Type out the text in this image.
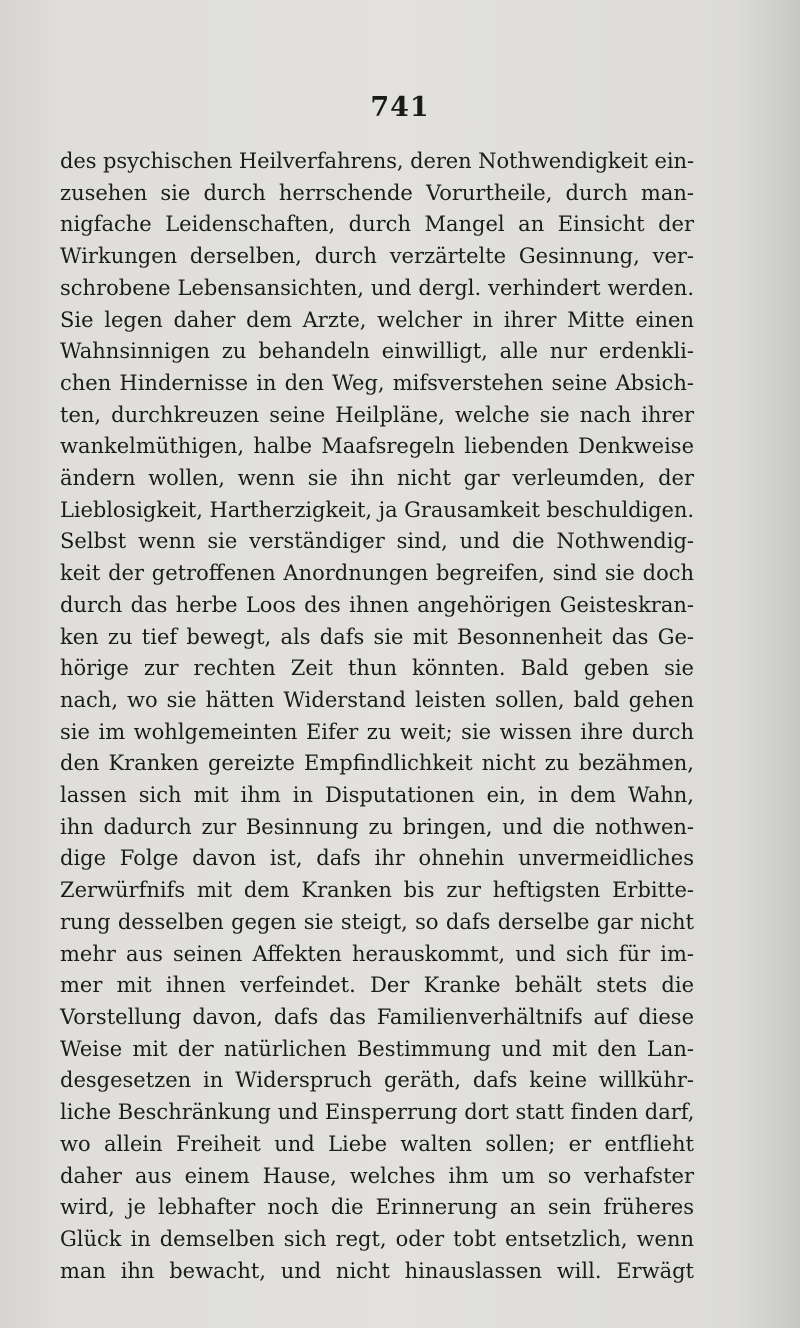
741
des psychischen Heilverfahrens, deren Nothwendigkeit ein-
zusehen sie durch herrschende Vorurtheile, durch man-
nigfache Leidenschaften, durch Mangel an Einsicht der
Wirkungen derselben, durch verzärtelte Gesinnung, ver-
schrobene Lebensansichten, und dergl. verhindert werden.
Sie legen daher dem Arzte, welcher in ihrer Mitte einen
Wahnsinnigen zu behandeln einwilligt, alle nur erdenkli-
chen Hindernisse in den Weg, mifsverstehen seine Absich-
ten, durchkreuzen seine Heilpläne, welche sie nach ihrer
wankelmüthigen, halbe Maafsregeln liebenden Denkweise
ändern wollen, wenn sie ihn nicht gar verleumden, der
Lieblosigkeit, Hartherzigkeit, ja Grausamkeit beschuldigen.
Selbst wenn sie verständiger sind, und die Nothwendig-
keit der getroffenen Anordnungen begreifen, sind sie doch
durch das herbe Loos des ihnen angehörigen Geisteskran-
ken zu tief bewegt, als dafs sie mit Besonnenheit das Ge-
hörige zur rechten Zeit thun könnten. Bald geben sie
nach, wo sie hätten Widerstand leisten sollen, bald gehen
sie im wohlgemeinten Eifer zu weit; sie wissen ihre durch
den Kranken gereizte Empfindlichkeit nicht zu bezähmen,
lassen sich mit ihm in Disputationen ein, in dem Wahn,
ihn dadurch zur Besinnung zu bringen, und die nothwen-
dige Folge davon ist, dafs ihr ohnehin unvermeidliches
Zerwürfnifs mit dem Kranken bis zur heftigsten Erbitte-
rung desselben gegen sie steigt, so dafs derselbe gar nicht
mehr aus seinen Affekten herauskommt, und sich für im-
mer mit ihnen verfeindet. Der Kranke behält stets die
Vorstellung davon, dafs das Familienverhältnifs auf diese
Weise mit der natürlichen Bestimmung und mit den Lan-
desgesetzen in Widerspruch geräth, dafs keine willkühr-
liche Beschränkung und Einsperrung dort statt finden darf,
wo allein Freiheit und Liebe walten sollen; er entflieht
daher aus einem Hause, welches ihm um so verhafster
wird, je lebhafter noch die Erinnerung an sein früheres
Glück in demselben sich regt, oder tobt entsetzlich, wenn
man ihn bewacht, und nicht hinauslassen will. Erwägt
